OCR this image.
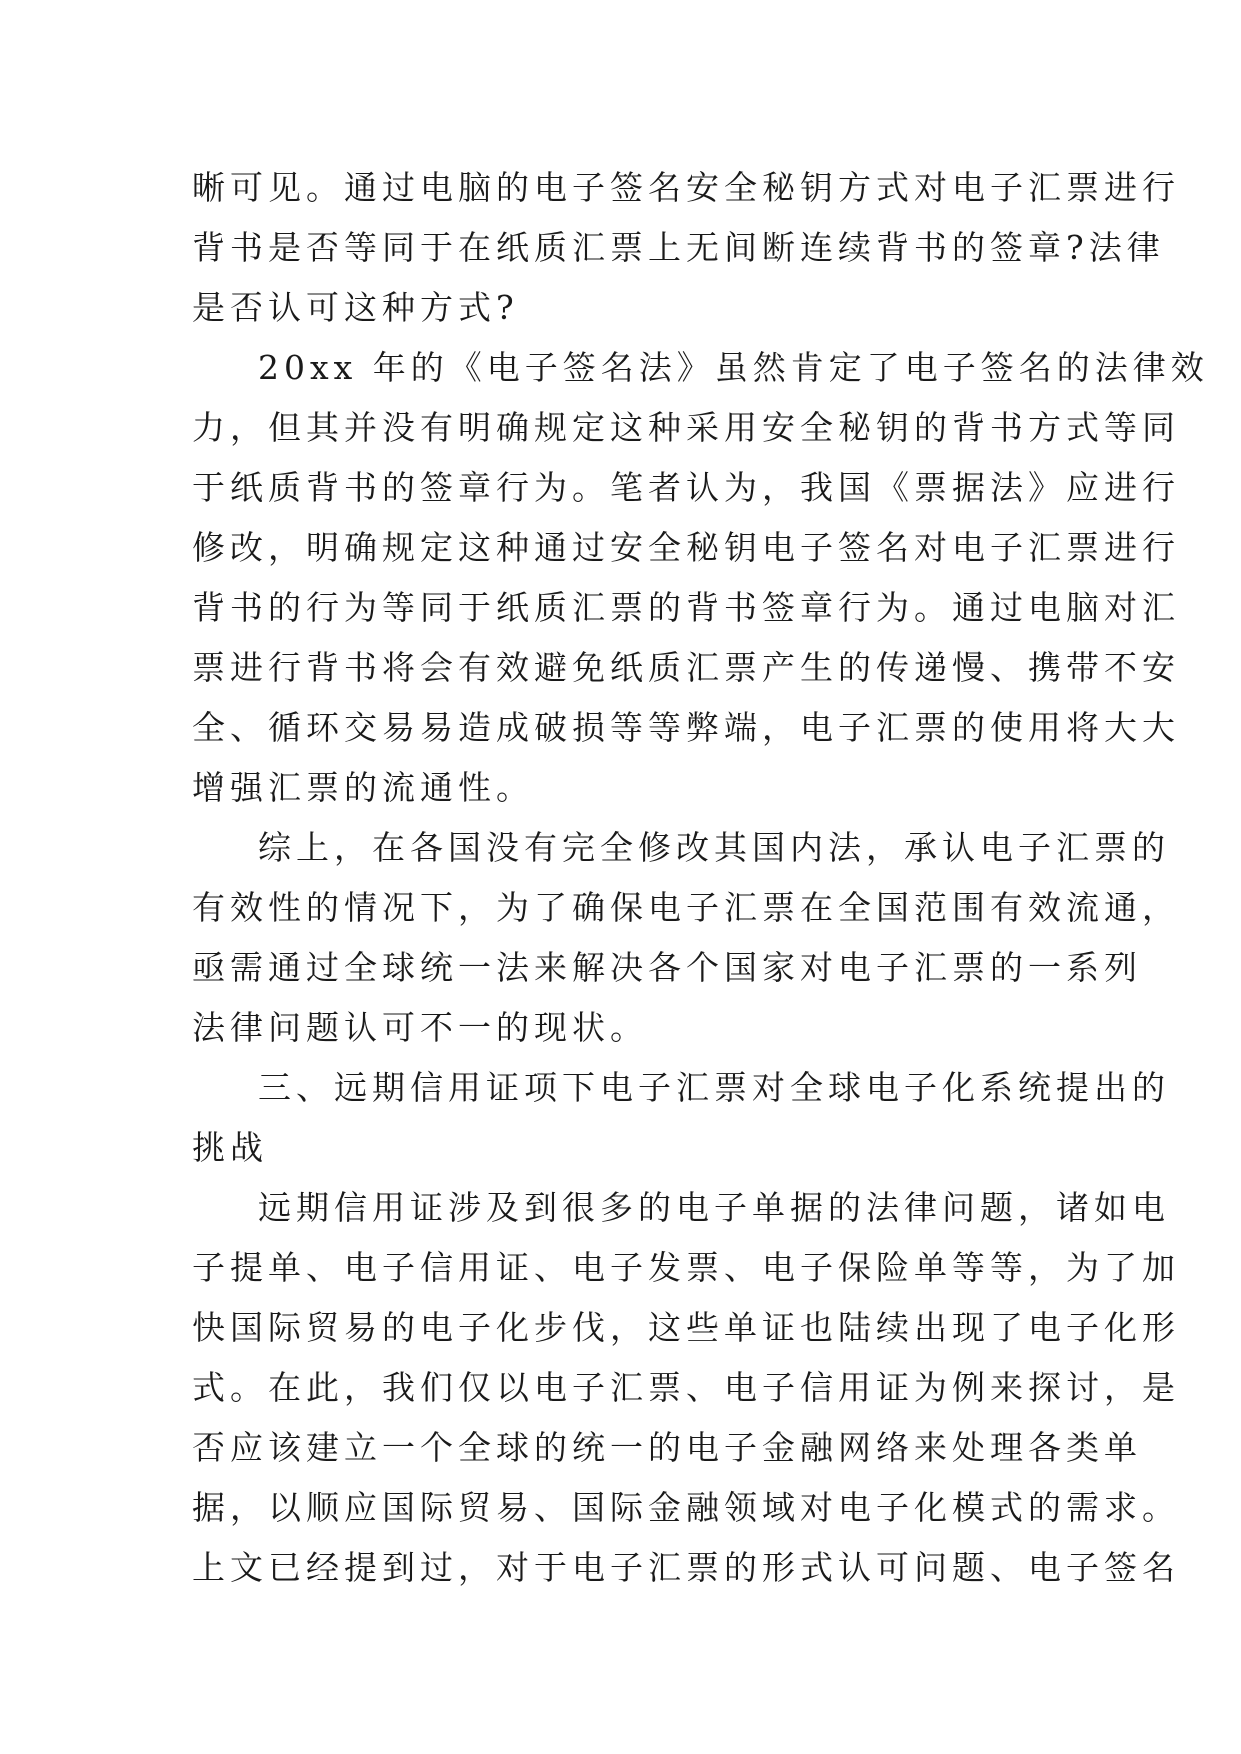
晰可见。通过电脑的电子签名安全秘钥方式对电子汇票进行
背书是否等同于在纸质汇票上无间断连续背书的签章?法律
是否认可这种方式?
20xx 年的《电子签名法》虽然肯定了电子签名的法律效
力，但其并没有明确规定这种采用安全秘钥的背书方式等同
于纸质背书的签章行为。笔者认为，我国《票据法》应进行
修改，明确规定这种通过安全秘钥电子签名对电子汇票进行
背书的行为等同于纸质汇票的背书签章行为。通过电脑对汇
票进行背书将会有效避免纸质汇票产生的传递慢、携带不安
全、循环交易易造成破损等等弊端，电子汇票的使用将大大
增强汇票的流通性。
综上，在各国没有完全修改其国内法，承认电子汇票的
有效性的情况下，为了确保电子汇票在全国范围有效流通，
亟需通过全球统一法来解决各个国家对电子汇票的一系列
法律问题认可不一的现状。
三、远期信用证项下电子汇票对全球电子化系统提出的
挑战
远期信用证涉及到很多的电子单据的法律问题，诸如电
子提单、电子信用证、电子发票、电子保险单等等，为了加
快国际贸易的电子化步伐，这些单证也陆续出现了电子化形
式。在此，我们仅以电子汇票、电子信用证为例来探讨，是
否应该建立一个全球的统一的电子金融网络来处理各类单
据，以顺应国际贸易、国际金融领域对电子化模式的需求。
上文已经提到过，对于电子汇票的形式认可问题、电子签名
